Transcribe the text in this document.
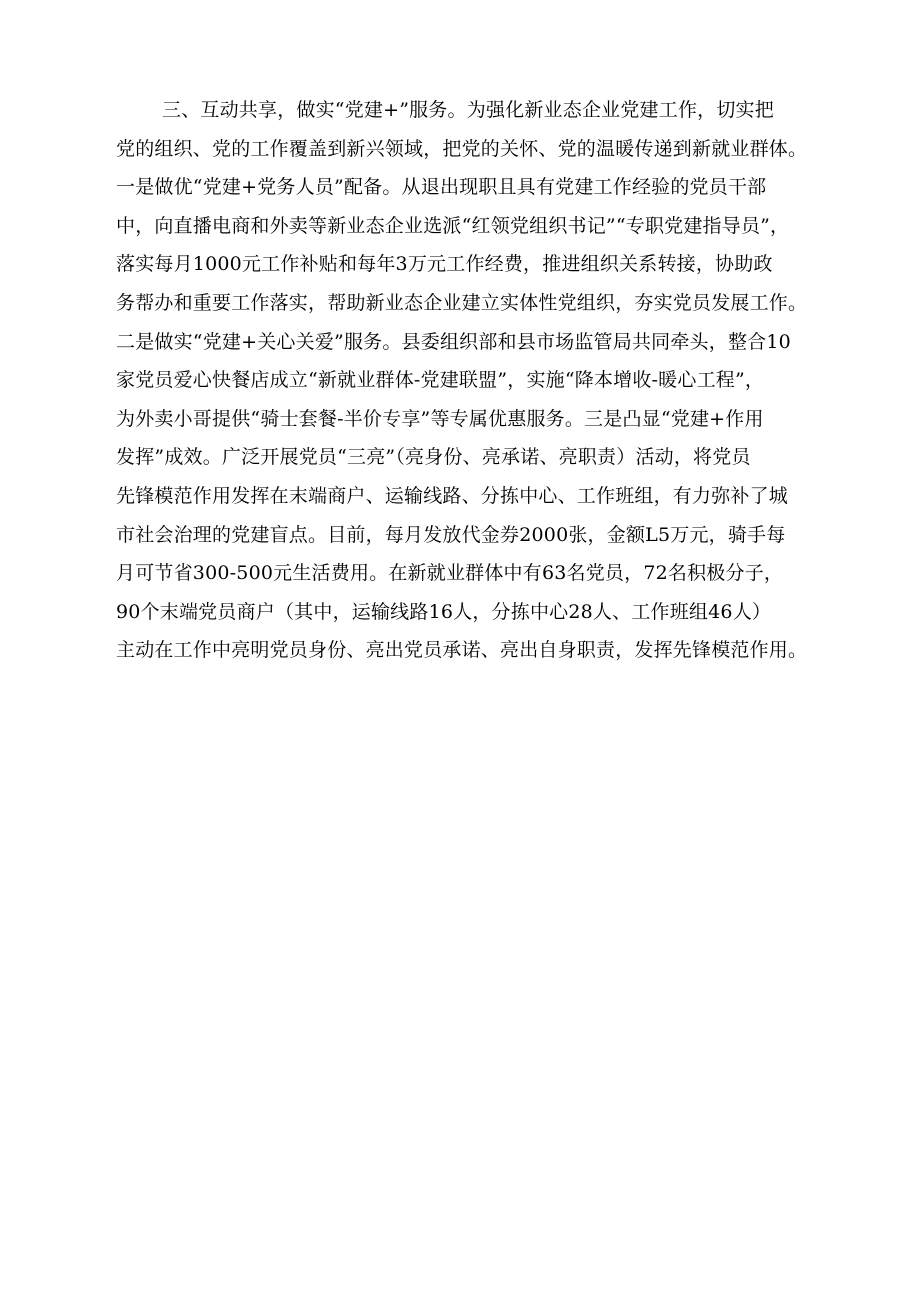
三、互动共享，做实“党建+”服务。为强化新业态企业党建工作，切实把
党的组织、党的工作覆盖到新兴领域，把党的关怀、党的温暖传递到新就业群体。
一是做优“党建+党务人员”配备。从退出现职且具有党建工作经验的党员干部
中，向直播电商和外卖等新业态企业选派“红领党组织书记”“专职党建指导员”，
落实每月1000元工作补贴和每年3万元工作经费，推进组织关系转接，协助政
务帮办和重要工作落实，帮助新业态企业建立实体性党组织，夯实党员发展工作。
二是做实“党建+关心关爱”服务。县委组织部和县市场监管局共同牵头，整合10
家党员爱心快餐店成立“新就业群体-党建联盟”，实施“降本增收-暖心工程”，
为外卖小哥提供“骑士套餐-半价专享”等专属优惠服务。三是凸显“党建+作用
发挥”成效。广泛开展党员“三亮”（亮身份、亮承诺、亮职责）活动，将党员
先锋模范作用发挥在末端商户、运输线路、分拣中心、工作班组，有力弥补了城
市社会治理的党建盲点。目前，每月发放代金券2000张，金额L5万元，骑手每
月可节省300-500元生活费用。在新就业群体中有63名党员，72名积极分子，
90个末端党员商户（其中，运输线路16人，分拣中心28人、工作班组46人）
主动在工作中亮明党员身份、亮出党员承诺、亮出自身职责，发挥先锋模范作用。
